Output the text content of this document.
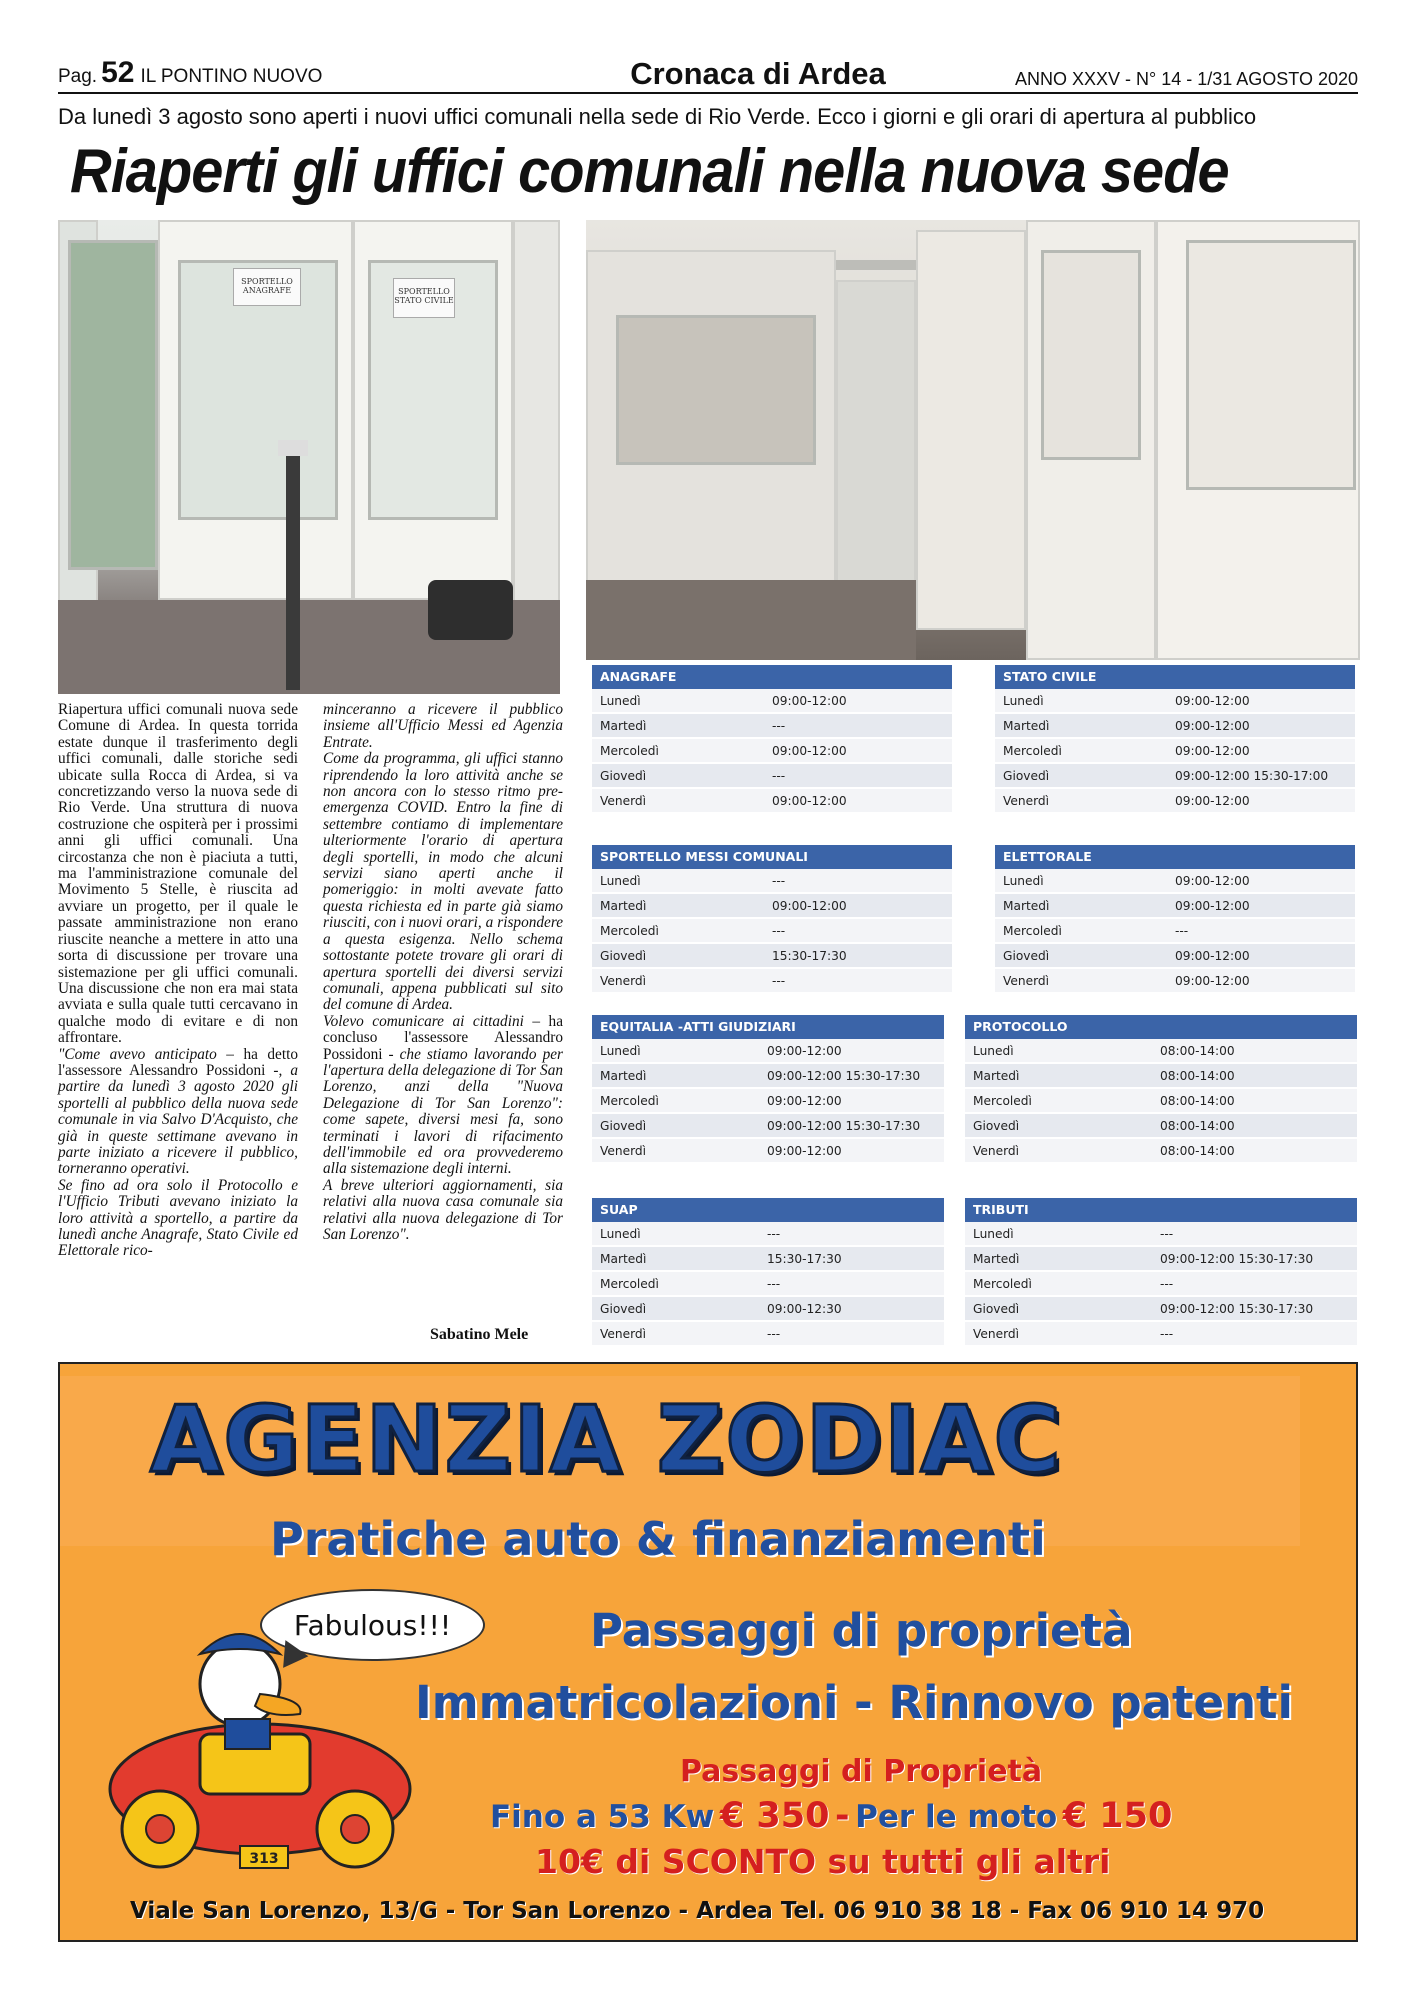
Pag. 52 IL PONTINO NUOVO	Cronaca di Ardea	ANNO XXXV - N° 14 - 1/31 AGOSTO 2020
Da lunedì 3 agosto sono aperti i nuovi uffici comunali nella sede di Rio Verde. Ecco i giorni e gli orari di apertura al pubblico
Riaperti gli uffici comunali nella nuova sede
SPORTELLO ANAGRAFE	SPORTELLO STATO CIVILE

Riapertura uffici comunali nuova sede Comune di Ardea. In questa torrida estate dunque il trasferimento degli uffici comunali, dalle storiche sedi ubicate sulla Rocca di Ardea, si va concretizzando verso la nuova sede di Rio Verde. Una struttura di nuova costruzione che ospiterà per i prossimi anni gli uffici comunali. Una circostanza che non è piaciuta a tutti, ma l'amministrazione comunale del Movimento 5 Stelle, è riuscita ad avviare un progetto, per il quale le passate amministrazione non erano riuscite neanche a mettere in atto una sorta di discussione per trovare una sistemazione per gli uffici comunali. Una discussione che non era mai stata avviata e sulla quale tutti cercavano in qualche modo di evitare e di non affrontare.

"Come avevo anticipato – ha detto l'assessore Alessandro Possidoni -, a partire da lunedì 3 agosto 2020 gli sportelli al pubblico della nuova sede comunale in via Salvo D'Acquisto, che già in queste settimane avevano in parte iniziato a ricevere il pubblico, torneranno operativi.

Se fino ad ora solo il Protocollo e l'Ufficio Tributi avevano iniziato la loro attività a sportello, a partire da lunedì anche Anagrafe, Stato Civile ed Elettorale rico-

minceranno a ricevere il pubblico insieme all'Ufficio Messi ed Agenzia Entrate.

Come da programma, gli uffici stanno riprendendo la loro attività anche se non ancora con lo stesso ritmo pre-emergenza COVID. Entro la fine di settembre contiamo di implementare ulteriormente l'orario di apertura degli sportelli, in modo che alcuni servizi siano aperti anche il pomeriggio: in molti avevate fatto questa richiesta ed in parte già siamo riusciti, con i nuovi orari, a rispondere a questa esigenza. Nello schema sottostante potete trovare gli orari di apertura sportelli dei diversi servizi comunali, appena pubblicati sul sito del comune di Ardea.

Volevo comunicare ai cittadini – ha concluso l'assessore Alessandro Possidoni - che stiamo lavorando per l'apertura della delegazione di Tor San Lorenzo, anzi della "Nuova Delegazione di Tor San Lorenzo": come sapete, diversi mesi fa, sono terminati i lavori di rifacimento dell'immobile ed ora provvederemo alla sistemazione degli interni.

A breve ulteriori aggiornamenti, sia relativi alla nuova casa comunale sia relativi alla nuova delegazione di Tor San Lorenzo".

Sabatino Mele
ANAGRAFE
Lunedì	09:00-12:00
Martedì	---
Mercoledì	09:00-12:00
Giovedì	---
Venerdì	09:00-12:00
STATO CIVILE
Lunedì	09:00-12:00
Martedì	09:00-12:00
Mercoledì	09:00-12:00
Giovedì	09:00-12:00 15:30-17:00
Venerdì	09:00-12:00
SPORTELLO MESSI COMUNALI
Lunedì	---
Martedì	09:00-12:00
Mercoledì	---
Giovedì	15:30-17:30
Venerdì	---
ELETTORALE
Lunedì	09:00-12:00
Martedì	09:00-12:00
Mercoledì	---
Giovedì	09:00-12:00
Venerdì	09:00-12:00
EQUITALIA -ATTI GIUDIZIARI
Lunedì	09:00-12:00
Martedì	09:00-12:00 15:30-17:30
Mercoledì	09:00-12:00
Giovedì	09:00-12:00 15:30-17:30
Venerdì	09:00-12:00
PROTOCOLLO
Lunedì	08:00-14:00
Martedì	08:00-14:00
Mercoledì	08:00-14:00
Giovedì	08:00-14:00
Venerdì	08:00-14:00
SUAP
Lunedì	---
Martedì	15:30-17:30
Mercoledì	---
Giovedì	09:00-12:30
Venerdì	---
TRIBUTI
Lunedì	---
Martedì	09:00-12:00 15:30-17:30
Mercoledì	---
Giovedì	09:00-12:00 15:30-17:30
Venerdì	---
AGENZIA ZODIAC
Pratiche auto & finanziamenti
313
Fabulous!!!	Passaggi di proprietà
Immatricolazioni - Rinnovo patenti
Passaggi di Proprietà
Fino a 53 Kw € 350 - Per le moto € 150
10€ di SCONTO su tutti gli altri
Viale San Lorenzo, 13/G - Tor San Lorenzo - Ardea Tel. 06 910 38 18 - Fax 06 910 14 970
